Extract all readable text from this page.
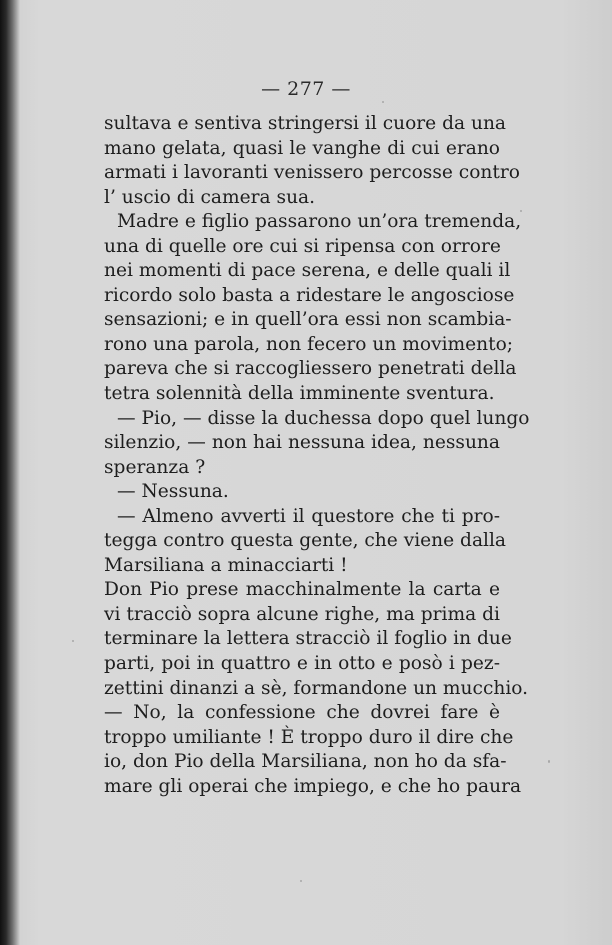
— 277 —
sultava e sentiva stringersi il cuore da una
mano gelata, quasi le vanghe di cui erano
armati i lavoranti venissero percosse contro
l’ uscio di camera sua.
Madre e figlio passarono un’ora tremenda,
una di quelle ore cui si ripensa con orrore
nei momenti di pace serena, e delle quali il
ricordo solo basta a ridestare le angosciose
sensazioni; e in quell’ora essi non scambia-
rono una parola, non fecero un movimento;
pareva che si raccogliessero penetrati della
tetra solennità della imminente sventura.
— Pio, — disse la duchessa dopo quel lungo
silenzio, — non hai nessuna idea, nessuna
speranza ?
— Nessuna.
— Almeno avverti il questore che ti pro-
tegga contro questa gente, che viene dalla
Marsiliana a minacciarti !
Don Pio prese macchinalmente la carta e
vi tracciò sopra alcune righe, ma prima di
terminare la lettera stracciò il foglio in due
parti, poi in quattro e in otto e posò i pez-
zettini dinanzi a sè, formandone un mucchio.
— No, la confessione che dovrei fare è
troppo umiliante ! È troppo duro il dire che
io, don Pio della Marsiliana, non ho da sfa-
mare gli operai che impiego, e che ho paura
